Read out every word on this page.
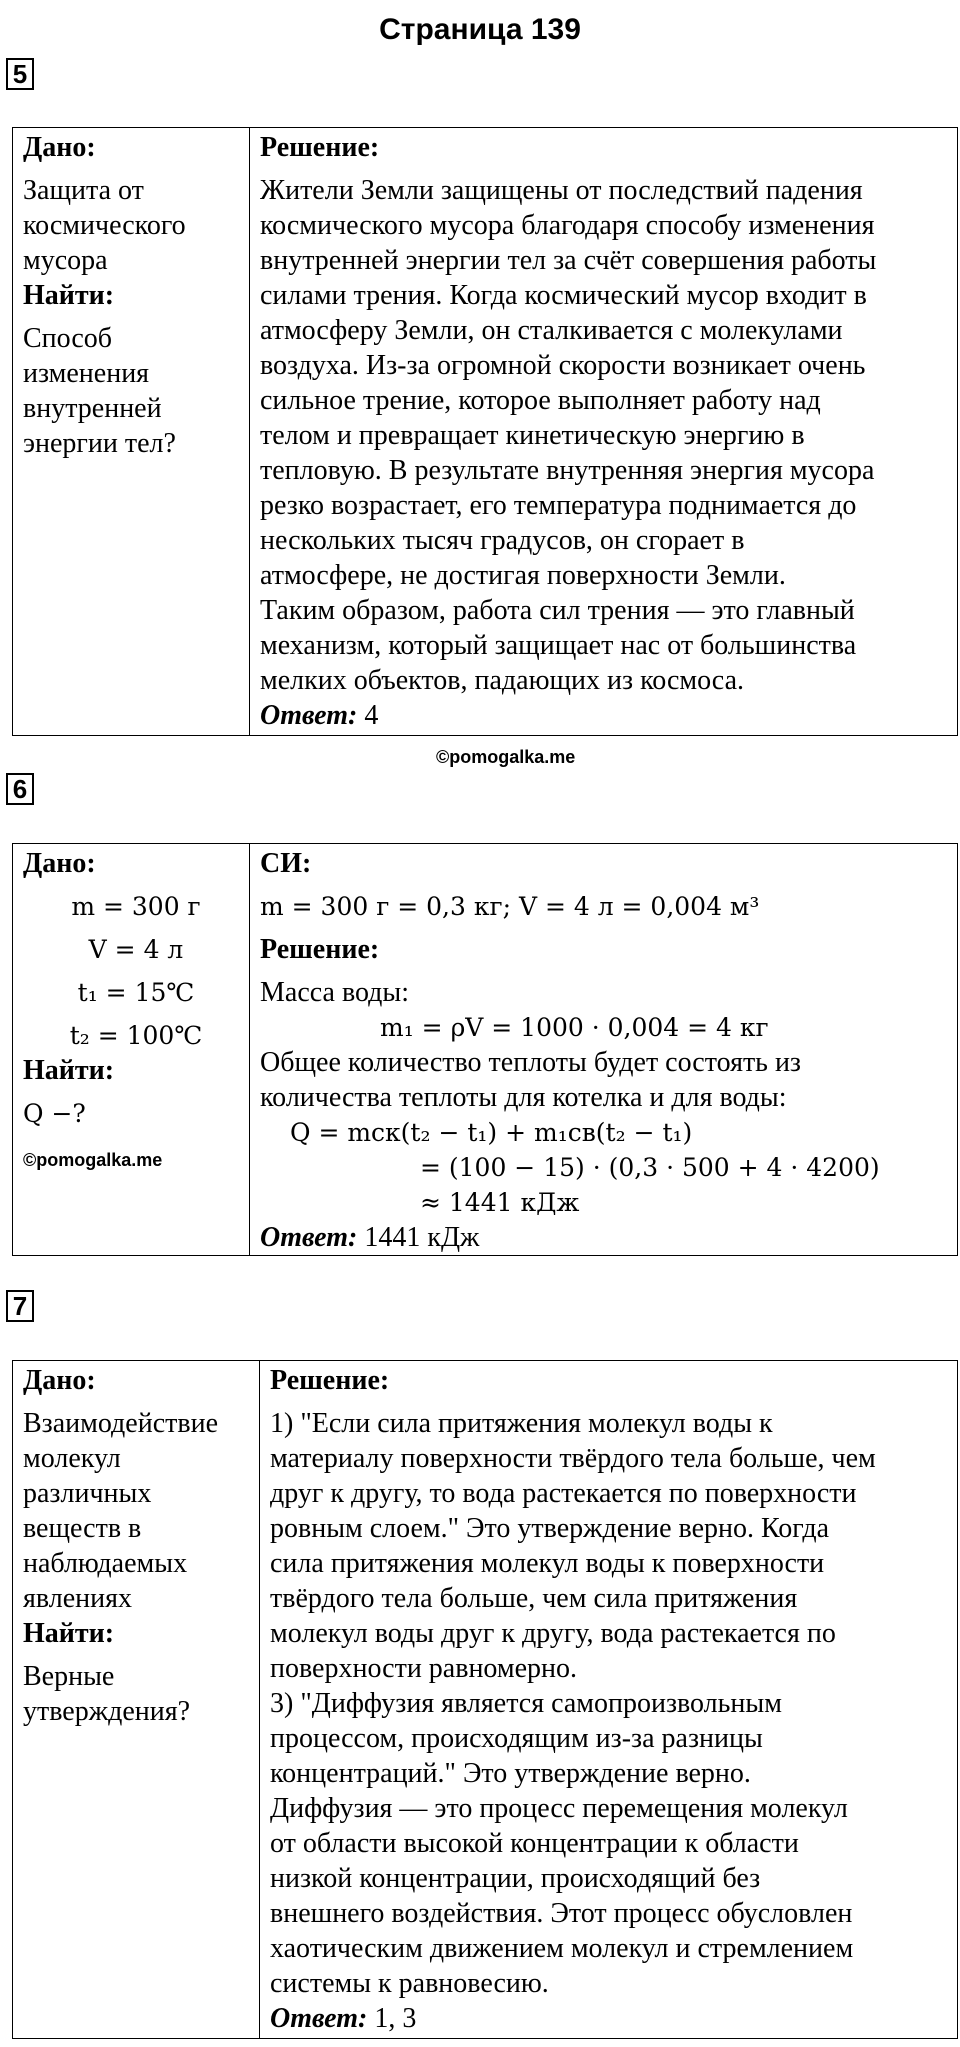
Страница 139
5
Дано:
Защита от
космического
мусора
Найти:
Способ
изменения
внутренней
энергии тел?

Решение:
Жители Земли защищены от последствий падения
космического мусора благодаря способу изменения
внутренней энергии тел за счёт совершения работы
силами трения. Когда космический мусор входит в
атмосферу Земли, он сталкивается с молекулами
воздуха. Из-за огромной скорости возникает очень
сильное трение, которое выполняет работу над
телом и превращает кинетическую энергию в
тепловую. В результате внутренняя энергия мусора
резко возрастает, его температура поднимается до
нескольких тысяч градусов, он сгорает в
атмосфере, не достигая поверхности Земли.
Таким образом, работа сил трения — это главный
механизм, который защищает нас от большинства
мелких объектов, падающих из космоса.
Ответ: 4
©pomogalka.me
6
Дано:
m = 300 г
V = 4 л
t₁ = 15℃
t₂ = 100℃
Найти:
Q −?
©pomogalka.me

СИ:
m = 300 г = 0,3 кг; V = 4 л = 0,004 м³
Решение:
Масса воды:
m₁ = ρV = 1000 · 0,004 = 4 кг
Общее количество теплоты будет состоять из
количества теплоты для котелка и для воды:
Q = mcк(t₂ − t₁) + m₁cв(t₂ − t₁)
= (100 − 15) · (0,3 · 500 + 4 · 4200)
≈ 1441 кДж
Ответ: 1441 кДж
7
Дано:
Взаимодействие
молекул
различных
веществ в
наблюдаемых
явлениях
Найти:
Верные
утверждения?

Решение:
1) "Если сила притяжения молекул воды к
материалу поверхности твёрдого тела больше, чем
друг к другу, то вода растекается по поверхности
ровным слоем." Это утверждение верно. Когда
сила притяжения молекул воды к поверхности
твёрдого тела больше, чем сила притяжения
молекул воды друг к другу, вода растекается по
поверхности равномерно.
3) "Диффузия является самопроизвольным
процессом, происходящим из-за разницы
концентраций." Это утверждение верно.
Диффузия — это процесс перемещения молекул
от области высокой концентрации к области
низкой концентрации, происходящий без
внешнего воздействия. Этот процесс обусловлен
хаотическим движением молекул и стремлением
системы к равновесию.
Ответ: 1, 3
